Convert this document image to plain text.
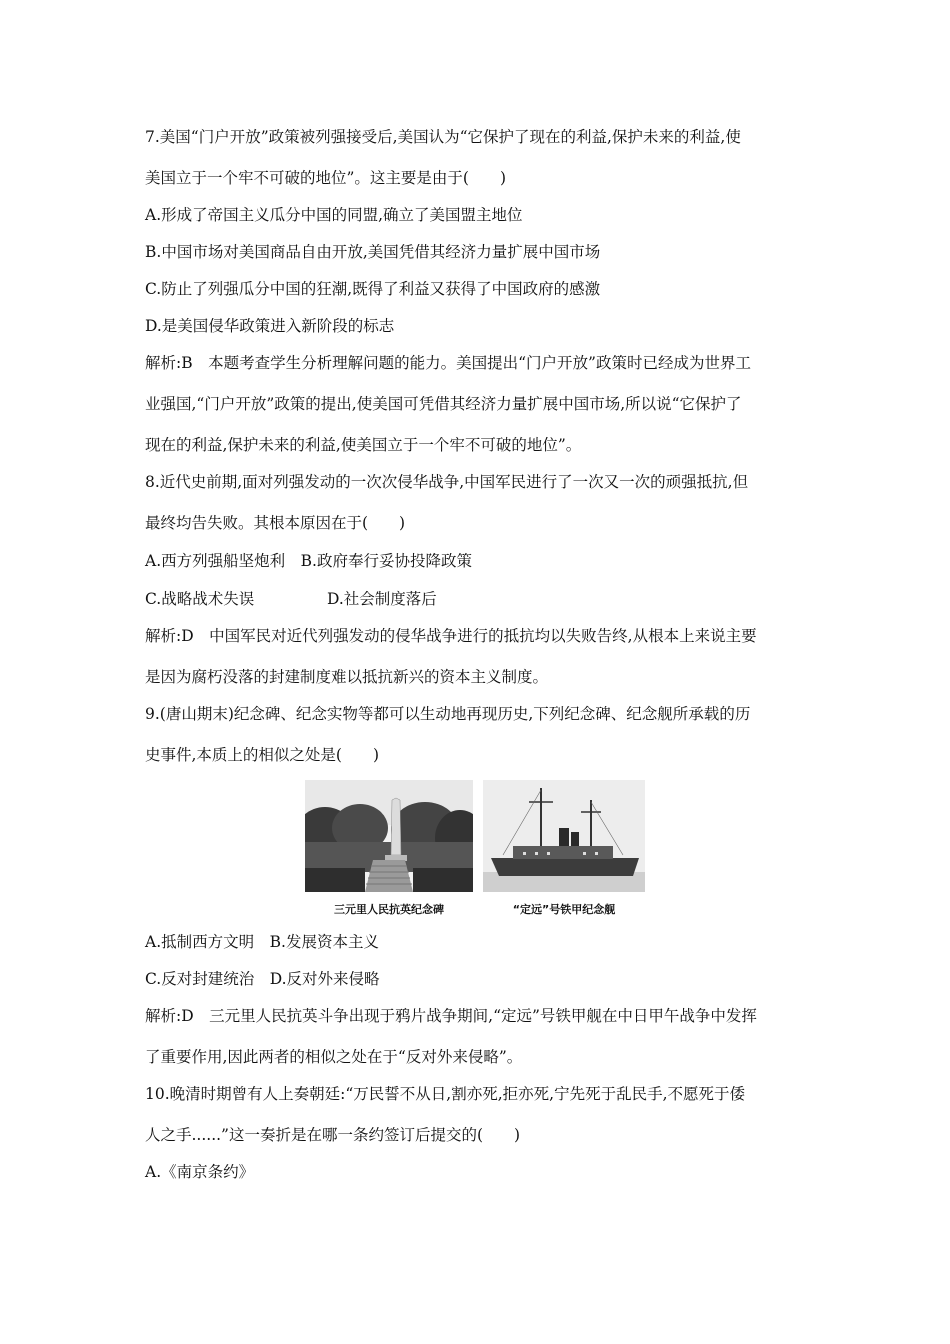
7.美国“门户开放”政策被列强接受后,美国认为“它保护了现在的利益,保护未来的利益,使
美国立于一个牢不可破的地位”。这主要是由于(　　)
A.形成了帝国主义瓜分中国的同盟,确立了美国盟主地位
B.中国市场对美国商品自由开放,美国凭借其经济力量扩展中国市场
C.防止了列强瓜分中国的狂潮,既得了利益又获得了中国政府的感激
D.是美国侵华政策进入新阶段的标志
解析:B　本题考查学生分析理解问题的能力。美国提出“门户开放”政策时已经成为世界工
业强国,“门户开放”政策的提出,使美国可凭借其经济力量扩展中国市场,所以说“它保护了
现在的利益,保护未来的利益,使美国立于一个牢不可破的地位”。
8.近代史前期,面对列强发动的一次次侵华战争,中国军民进行了一次又一次的顽强抵抗,但
最终均告失败。其根本原因在于(　　)
A.西方列强船坚炮利　B.政府奉行妥协投降政策
C.战略战术失误	D.社会制度落后
解析:D　中国军民对近代列强发动的侵华战争进行的抵抗均以失败告终,从根本上来说主要
是因为腐朽没落的封建制度难以抵抗新兴的资本主义制度。
9.(唐山期末)纪念碑、纪念实物等都可以生动地再现历史,下列纪念碑、纪念舰所承载的历
史事件,本质上的相似之处是(　　)
三元里人民抗英纪念碑	“定远”号铁甲纪念舰
A.抵制西方文明　B.发展资本主义
C.反对封建统治　D.反对外来侵略
解析:D　三元里人民抗英斗争出现于鸦片战争期间,“定远”号铁甲舰在中日甲午战争中发挥
了重要作用,因此两者的相似之处在于“反对外来侵略”。
10.晚清时期曾有人上奏朝廷:“万民誓不从日,割亦死,拒亦死,宁先死于乱民手,不愿死于倭
人之手......”这一奏折是在哪一条约签订后提交的(　　)
A.《南京条约》
